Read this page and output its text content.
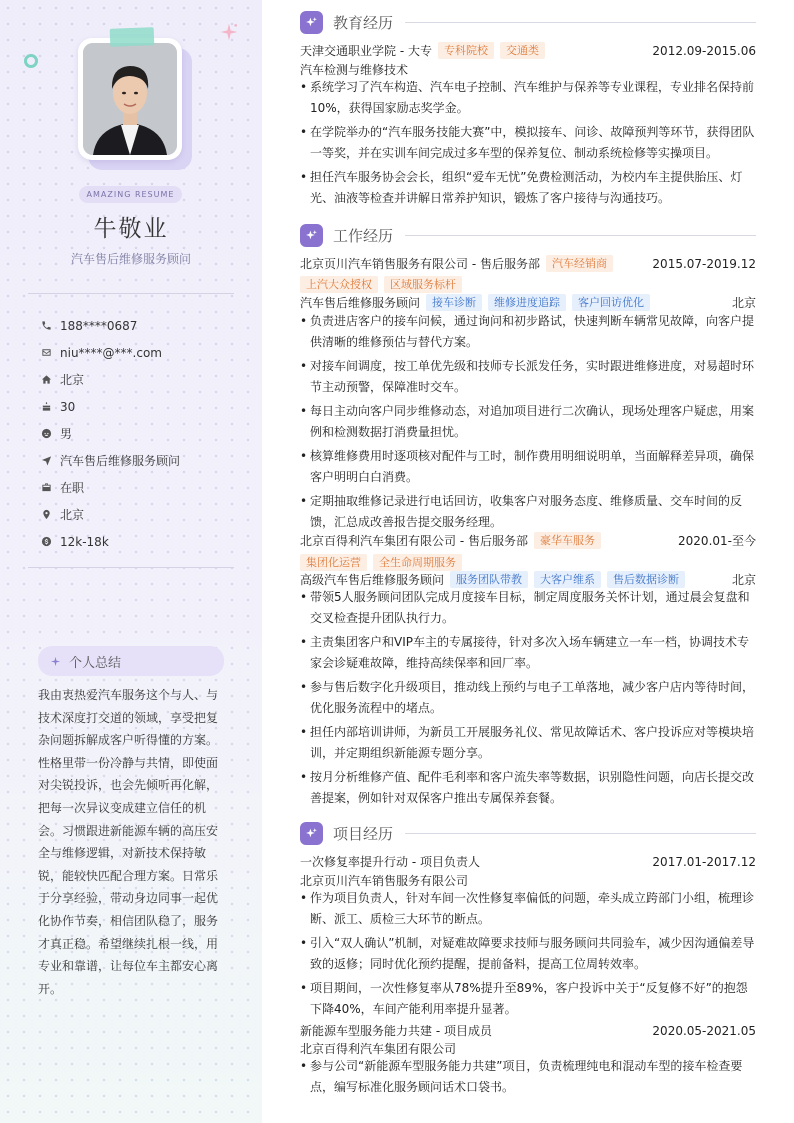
AMAZING RESUME
牛敬业
汽车售后维修服务顾问
188****0687
niu****@***.com
北京
30
男
汽车售后维修服务顾问
在职
北京
12k-18k
个人总结
我由衷热爱汽车服务这个与人、与技术深度打交道的领域，享受把复杂问题拆解成客户听得懂的方案。性格里带一份冷静与共情，即使面对尖锐投诉，也会先倾听再化解，把每一次异议变成建立信任的机会。习惯跟进新能源车辆的高压安全与维修逻辑，对新技术保持敏锐，能较快匹配合理方案。日常乐于分享经验，带动身边同事一起优化协作节奏，相信团队稳了，服务才真正稳。希望继续扎根一线，用专业和靠谱，让每位车主都安心离开。
教育经历
天津交通职业学院 - 大专	专科院校	交通类	2012.09-2015.06
汽车检测与维修技术
• 系统学习了汽车构造、汽车电子控制、汽车维护与保养等专业课程，专业排名保持前10%，获得国家励志奖学金。
• 在学院举办的“汽车服务技能大赛”中，模拟接车、问诊、故障预判等环节，获得团队一等奖，并在实训车间完成过多车型的保养复位、制动系统检修等实操项目。
• 担任汽车服务协会会长，组织“爱车无忧”免费检测活动，为校内车主提供胎压、灯光、油液等检查并讲解日常养护知识，锻炼了客户接待与沟通技巧。
工作经历
北京页川汽车销售服务有限公司 - 售后服务部	汽车经销商	2015.07-2019.12
上汽大众授权	区域服务标杆
汽车售后维修服务顾问	接车诊断	维修进度追踪	客户回访优化	北京
• 负责进店客户的接车问候，通过询问和初步路试，快速判断车辆常见故障，向客户提供清晰的维修预估与替代方案。
• 对接车间调度，按工单优先级和技师专长派发任务，实时跟进维修进度，对易超时环节主动预警，保障准时交车。
• 每日主动向客户同步维修动态，对追加项目进行二次确认，现场处理客户疑虑，用案例和检测数据打消费量担忧。
• 核算维修费用时逐项核对配件与工时，制作费用明细说明单，当面解释差异项，确保客户明明白白消费。
• 定期抽取维修记录进行电话回访，收集客户对服务态度、维修质量、交车时间的反馈，汇总成改善报告提交服务经理。
北京百得利汽车集团有限公司 - 售后服务部	豪华车服务	2020.01-至今
集团化运营	全生命周期服务
高级汽车售后维修服务顾问	服务团队带教	大客户维系	售后数据诊断	北京
• 带领5人服务顾问团队完成月度接车目标，制定周度服务关怀计划，通过晨会复盘和交叉检查提升团队执行力。
• 主责集团客户和VIP车主的专属接待，针对多次入场车辆建立一车一档，协调技术专家会诊疑难故障，维持高续保率和回厂率。
• 参与售后数字化升级项目，推动线上预约与电子工单落地，减少客户店内等待时间，优化服务流程中的堵点。
• 担任内部培训讲师，为新员工开展服务礼仪、常见故障话术、客户投诉应对等模块培训，并定期组织新能源专题分享。
• 按月分析维修产值、配件毛利率和客户流失率等数据，识别隐性问题，向店长提交改善提案，例如针对双保客户推出专属保养套餐。
项目经历
一次修复率提升行动 - 项目负责人	2017.01-2017.12
北京页川汽车销售服务有限公司
• 作为项目负责人，针对车间一次性修复率偏低的问题，牵头成立跨部门小组，梳理诊断、派工、质检三大环节的断点。
• 引入“双人确认”机制，对疑难故障要求技师与服务顾问共同验车，减少因沟通偏差导致的返修；同时优化预约提醒，提前备料，提高工位周转效率。
• 项目期间，一次性修复率从78%提升至89%，客户投诉中关于“反复修不好”的抱怨下降40%，车间产能利用率提升显著。
新能源车型服务能力共建 - 项目成员	2020.05-2021.05
北京百得利汽车集团有限公司
• 参与公司“新能源车型服务能力共建”项目，负责梳理纯电和混动车型的接车检查要点，编写标准化服务顾问话术口袋书。
